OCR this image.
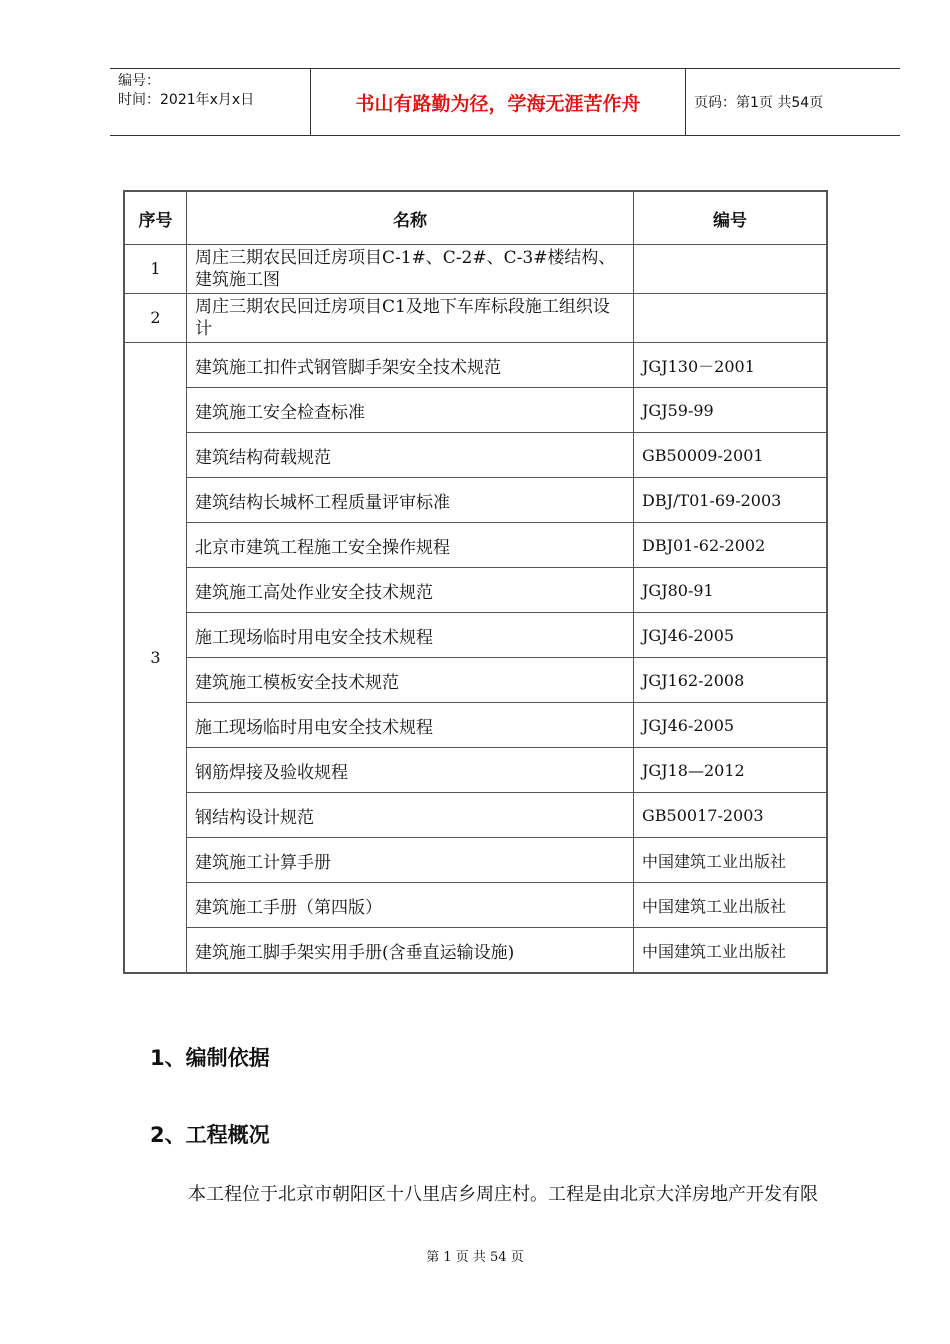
编号：
时间：2021年x月x日	书山有路勤为径，学海无涯苦作舟	页码：第1页 共54页
序号	名称	编号
1	周庄三期农民回迁房项目C-1#、C-2#、C-3#楼结构、建筑施工图	
2	周庄三期农民回迁房项目C1及地下车库标段施工组织设计	
3	建筑施工扣件式钢管脚手架安全技术规范	JGJ130－2001
	建筑施工安全检查标准	JGJ59-99
	建筑结构荷载规范	GB50009-2001
	建筑结构长城杯工程质量评审标准	DBJ/T01-69-2003
	北京市建筑工程施工安全操作规程	DBJ01-62-2002
	建筑施工高处作业安全技术规范	JGJ80-91
	施工现场临时用电安全技术规程	JGJ46-2005
	建筑施工模板安全技术规范	JGJ162-2008
	施工现场临时用电安全技术规程	JGJ46-2005
	钢筋焊接及验收规程	JGJ18—2012
	钢结构设计规范	GB50017-2003
	建筑施工计算手册	中国建筑工业出版社
	建筑施工手册（第四版）	中国建筑工业出版社
	建筑施工脚手架实用手册(含垂直运输设施)	中国建筑工业出版社
1、编制依据
2、工程概况
本工程位于北京市朝阳区十八里店乡周庄村。工程是由北京大洋房地产开发有限
第 1 页 共 54 页
